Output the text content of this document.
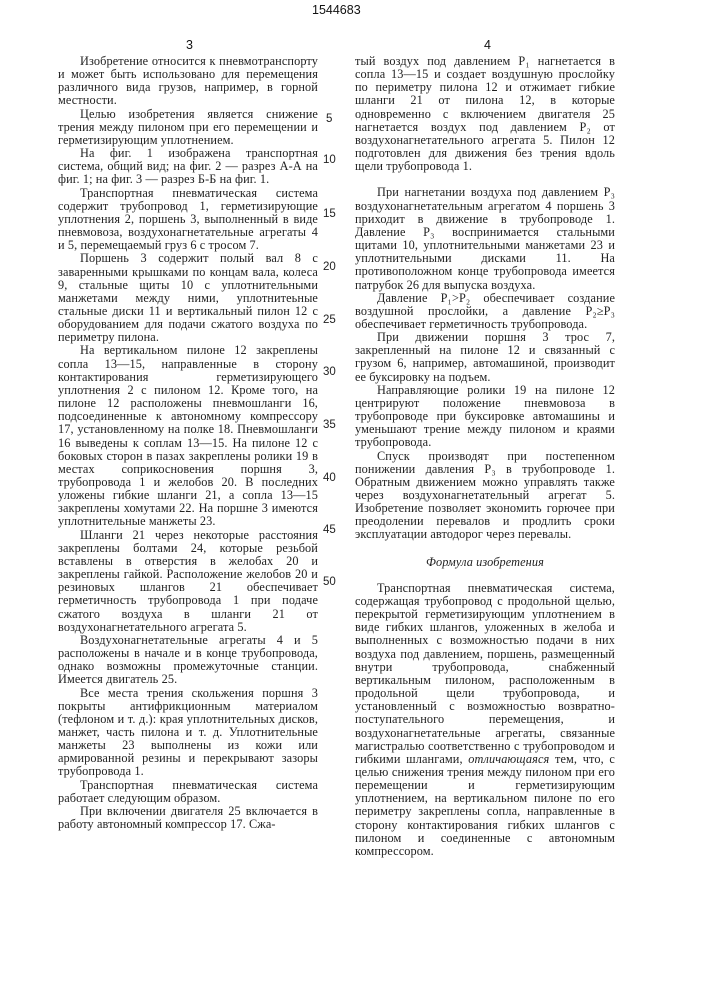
1544683
3	4
5
10
15
20
25
30
35
40
45
50

Изобретение относится к пневмотранспорту и может быть использовано для перемещения различного вида грузов, например, в горной местности.

Целью изобретения является снижение трения между пилоном при его перемещении и герметизирующим уплотнением.

На фиг. 1 изображена транспортная система, общий вид; на фиг. 2 — разрез А-А на фиг. 1; на фиг. 3 — разрез Б-Б на фиг. 1.

Транспортная пневматическая система содержит трубопровод 1, герметизирующие уплотнения 2, поршень 3, выполненный в виде пневмовоза, воздухонагнетательные агрегаты 4 и 5, перемещаемый груз 6 с тросом 7.

Поршень 3 содержит полый вал 8 с заваренными крышками по концам вала, колеса 9, стальные щиты 10 с уплотнительными манжетами между ними, уплотнитеьные стальные диски 11 и вертикальный пилон 12 с оборудованием для подачи сжатого воздуха по периметру пилона.

На вертикальном пилоне 12 закреплены сопла 13—15, направленные в сторону контактирования герметизирующего уплотнения 2 с пилоном 12. Кроме того, на пилоне 12 расположены пневмошланги 16, подсоединенные к автономному компрессору 17, установленному на полке 18. Пневмошланги 16 выведены к соплам 13—15. На пилоне 12 с боковых сторон в пазах закреплены ролики 19 в местах соприкосновения поршня 3, трубопровода 1 и желобов 20. В последних уложены гибкие шланги 21, а сопла 13—15 закреплены хомутами 22. На поршне 3 имеются уплотнительные манжеты 23.

Шланги 21 через некоторые расстояния закреплены болтами 24, которые резьбой вставлены в отверстия в желобах 20 и закреплены гайкой. Расположение желобов 20 и резиновых шлангов 21 обеспечивает герметичность трубопровода 1 при подаче сжатого воздуха в шланги 21 от воздухонагнетательного агрегата 5.

Воздухонагнетательные агрегаты 4 и 5 расположены в начале и в конце трубопровода, однако возможны промежуточные станции. Имеется двигатель 25.

Все места трения скольжения поршня 3 покрыты антифрикционным материалом (тефлоном и т. д.): края уплотнительных дисков, манжет, часть пилона и т. д. Уплотнительные манжеты 23 выполнены из кожи или армированной резины и перекрывают зазоры трубопровода 1.

Транспортная пневматическая система работает следующим образом.

При включении двигателя 25 включается в работу автономный компрессор 17. Сжа-

тый воздух под давлением P₁ нагнетается в сопла 13—15 и создает воздушную прослойку по периметру пилона 12 и отжимает гибкие шланги 21 от пилона 12, в которые одновременно с включением двигателя 25 нагнетается воздух под давлением P₂ от воздухонагнетательного агрегата 5. Пилон 12 подготовлен для движения без трения вдоль щели трубопровода 1.

При нагнетании воздуха под давлением P₃ воздухонагнетательным агрегатом 4 поршень 3 приходит в движение в трубопроводе 1. Давление P₃ воспринимается стальными щитами 10, уплотнительными манжетами 23 и уплотнительными дисками 11. На противоположном конце трубопровода имеется патрубок 26 для выпуска воздуха.

Давление P₁>P₂ обеспечивает создание воздушной прослойки, а давление P₂≥P₃ обеспечивает герметичность трубопровода.

При движении поршня 3 трос 7, закрепленный на пилоне 12 и связанный с грузом 6, например, автомашиной, производит ее буксировку на подъем.

Направляющие ролики 19 на пилоне 12 центрируют положение пневмовоза в трубопроводе при буксировке автомашины и уменьшают трение между пилоном и краями трубопровода.

Спуск производят при постепенном понижении давления P₃ в трубопроводе 1. Обратным движением можно управлять также через воздухонагнетательный агрегат 5. Изобретение позволяет экономить горючее при преодолении перевалов и продлить сроки эксплуатации автодорог через перевалы.

Формула изобретения

Транспортная пневматическая система, содержащая трубопровод с продольной щелью, перекрытой герметизирующим уплотнением в виде гибких шлангов, уложенных в желоба и выполненных с возможностью подачи в них воздуха под давлением, поршень, размещенный внутри трубопровода, снабженный вертикальным пилоном, расположенным в продольной щели трубопровода, и установленный с возможностью возвратно-поступательного перемещения, и воздухонагнетательные агрегаты, связанные магистралью соответственно с трубопроводом и гибкими шлангами, отличающаяся тем, что, с целью снижения трения между пилоном при его перемещении и герметизирующим уплотнением, на вертикальном пилоне по его периметру закреплены сопла, направленные в сторону контактирования гибких шлангов с пилоном и соединенные с автономным компрессором.
